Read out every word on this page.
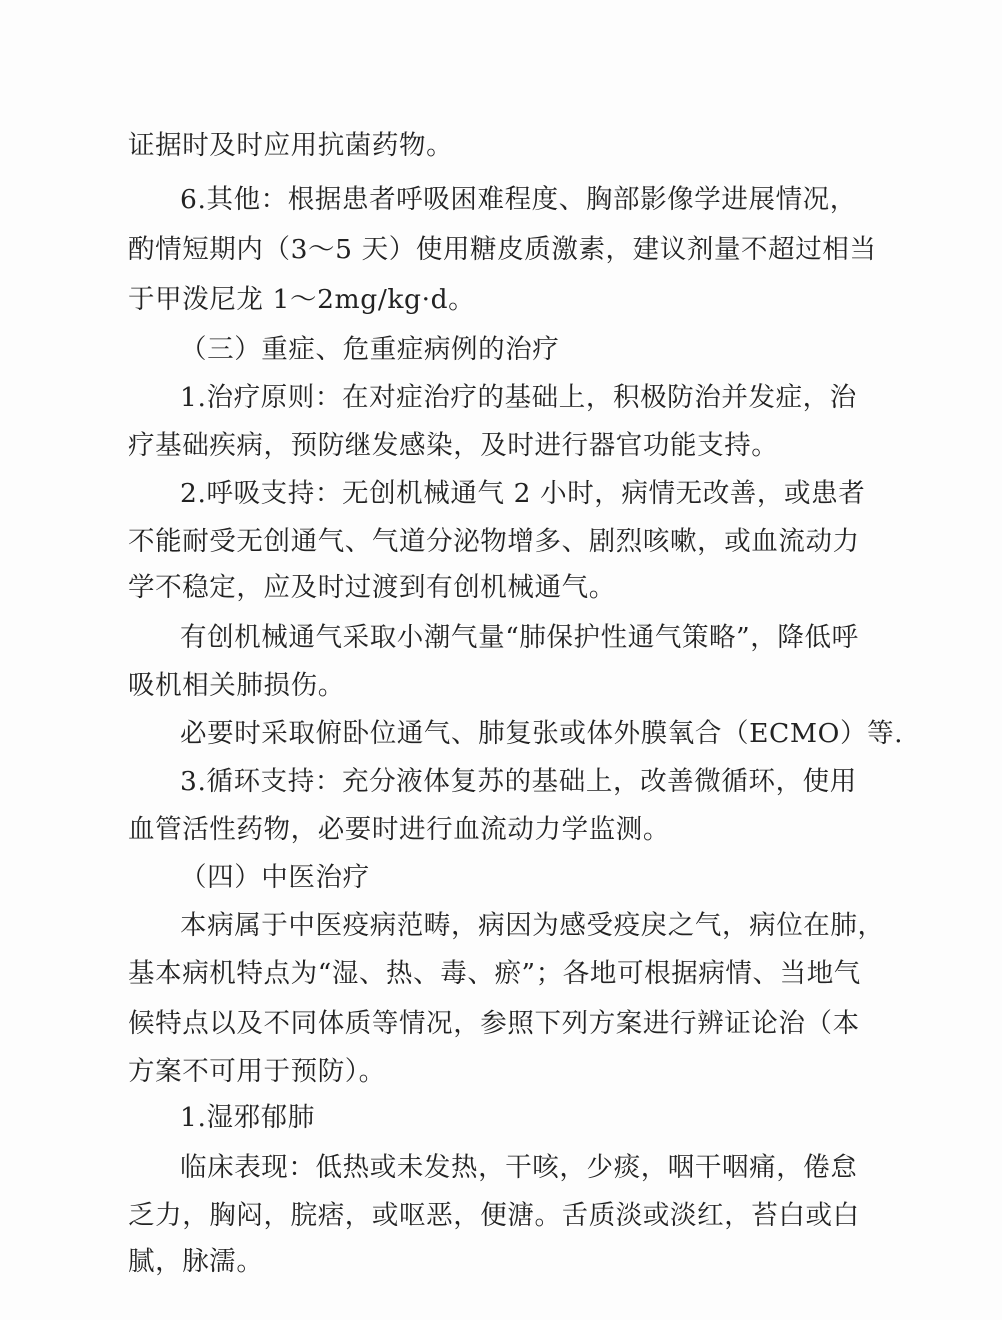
证据时及时应用抗菌药物。
6.其他：根据患者呼吸困难程度、胸部影像学进展情况，
酌情短期内（3～5 天）使用糖皮质激素，建议剂量不超过相当
于甲泼尼龙 1～2mg/kg·d。
（三）重症、危重症病例的治疗
1.治疗原则：在对症治疗的基础上，积极防治并发症，治
疗基础疾病，预防继发感染，及时进行器官功能支持。
2.呼吸支持：无创机械通气 2 小时，病情无改善，或患者
不能耐受无创通气、气道分泌物增多、剧烈咳嗽，或血流动力
学不稳定，应及时过渡到有创机械通气。
有创机械通气采取小潮气量“肺保护性通气策略”，降低呼
吸机相关肺损伤。
必要时采取俯卧位通气、肺复张或体外膜氧合（ECMO）等.
3.循环支持：充分液体复苏的基础上，改善微循环，使用
血管活性药物，必要时进行血流动力学监测。
（四）中医治疗
本病属于中医疫病范畴，病因为感受疫戾之气，病位在肺，
基本病机特点为“湿、热、毒、瘀”；各地可根据病情、当地气
候特点以及不同体质等情况，参照下列方案进行辨证论治（本
方案不可用于预防）。
1.湿邪郁肺
临床表现：低热或未发热，干咳，少痰，咽干咽痛，倦怠
乏力，胸闷，脘痞，或呕恶，便溏。舌质淡或淡红，苔白或白
腻，脉濡。
